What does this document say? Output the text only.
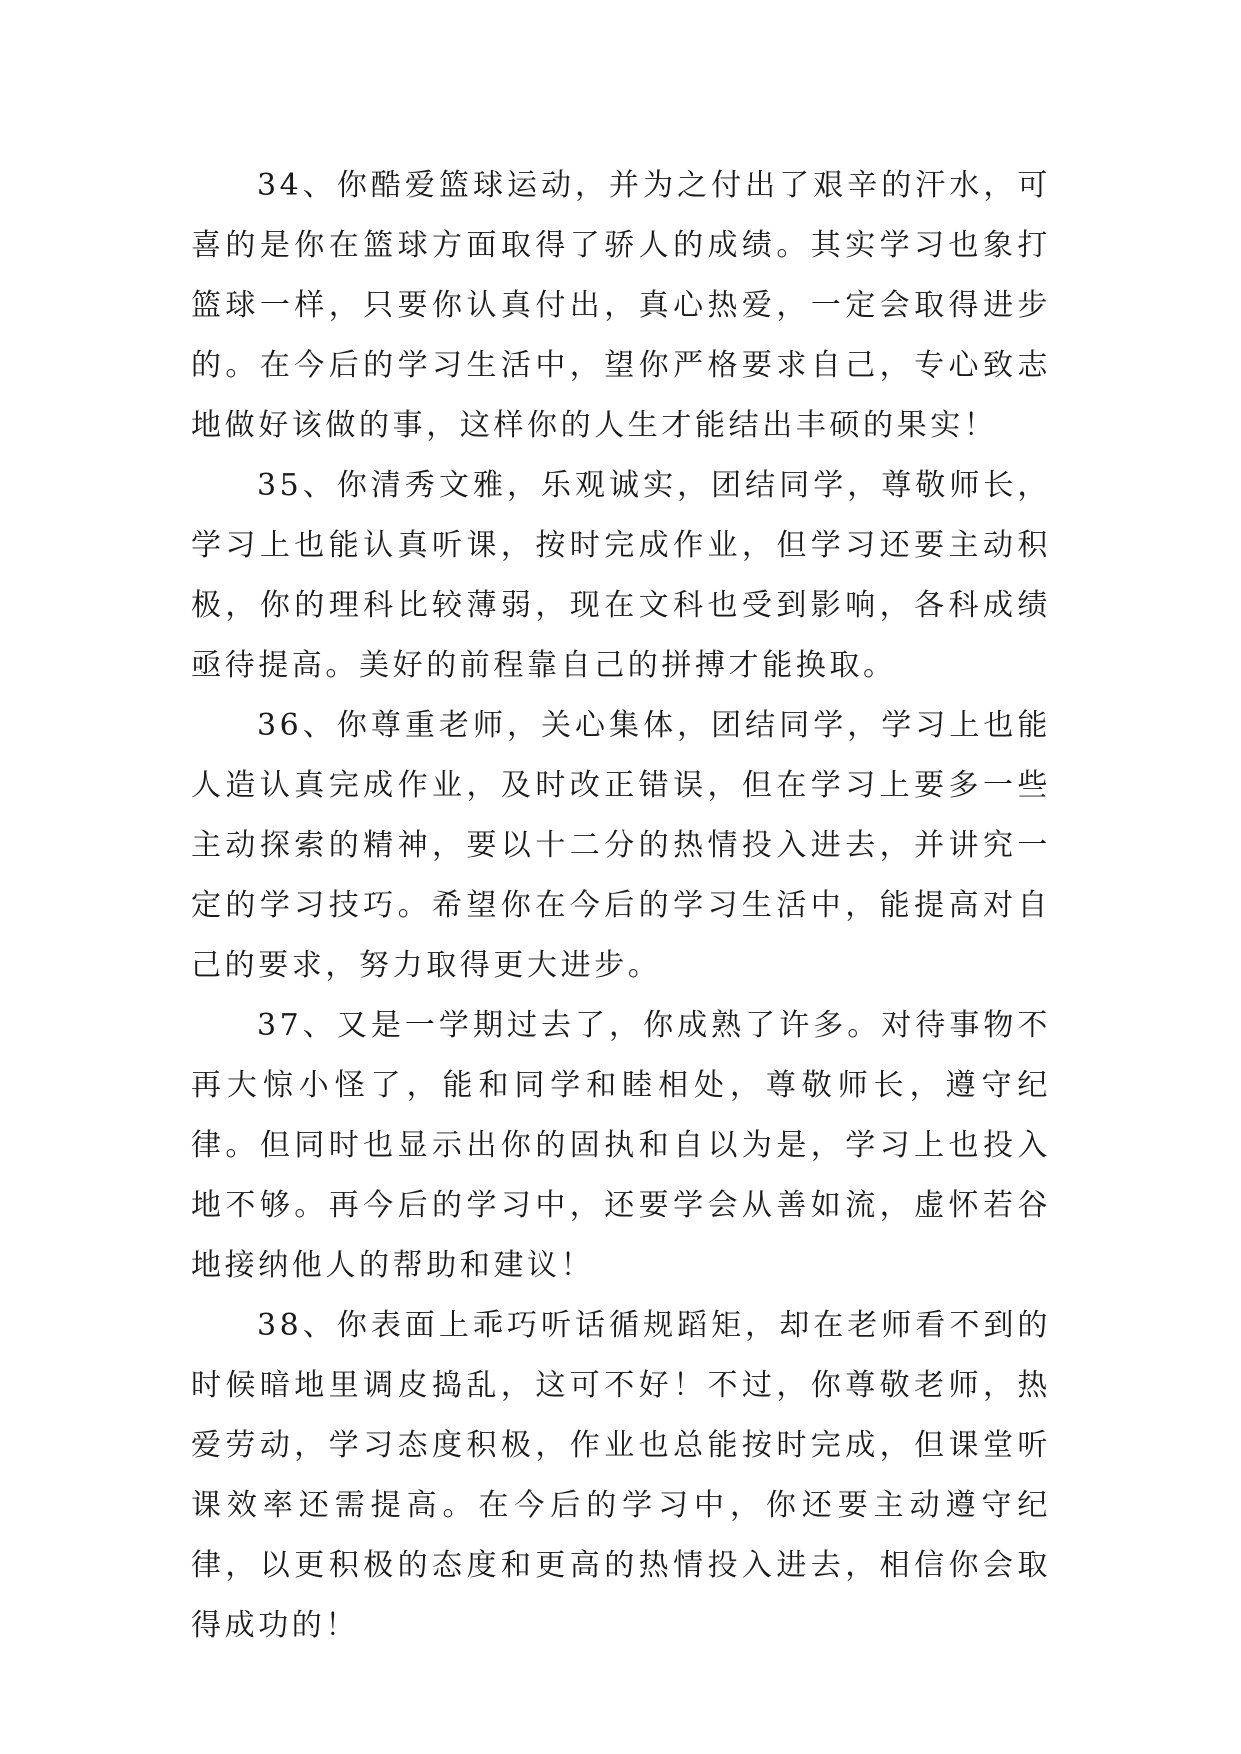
34、你酷爱篮球运动，并为之付出了艰辛的汗水，可喜的是你在篮球方面取得了骄人的成绩。其实学习也象打篮球一样，只要你认真付出，真心热爱，一定会取得进步的。在今后的学习生活中，望你严格要求自己，专心致志地做好该做的事，这样你的人生才能结出丰硕的果实！

35、你清秀文雅，乐观诚实，团结同学，尊敬师长，学习上也能认真听课，按时完成作业，但学习还要主动积极，你的理科比较薄弱，现在文科也受到影响，各科成绩亟待提高。美好的前程靠自己的拼搏才能换取。

36、你尊重老师，关心集体，团结同学，学习上也能人造认真完成作业，及时改正错误，但在学习上要多一些主动探索的精神，要以十二分的热情投入进去，并讲究一定的学习技巧。希望你在今后的学习生活中，能提高对自己的要求，努力取得更大进步。

37、又是一学期过去了，你成熟了许多。对待事物不再大惊小怪了，能和同学和睦相处，尊敬师长，遵守纪律。但同时也显示出你的固执和自以为是，学习上也投入地不够。再今后的学习中，还要学会从善如流，虚怀若谷地接纳他人的帮助和建议！

38、你表面上乖巧听话循规蹈矩，却在老师看不到的时候暗地里调皮捣乱，这可不好！不过，你尊敬老师，热爱劳动，学习态度积极，作业也总能按时完成，但课堂听课效率还需提高。在今后的学习中，你还要主动遵守纪律，以更积极的态度和更高的热情投入进去，相信你会取得成功的！
